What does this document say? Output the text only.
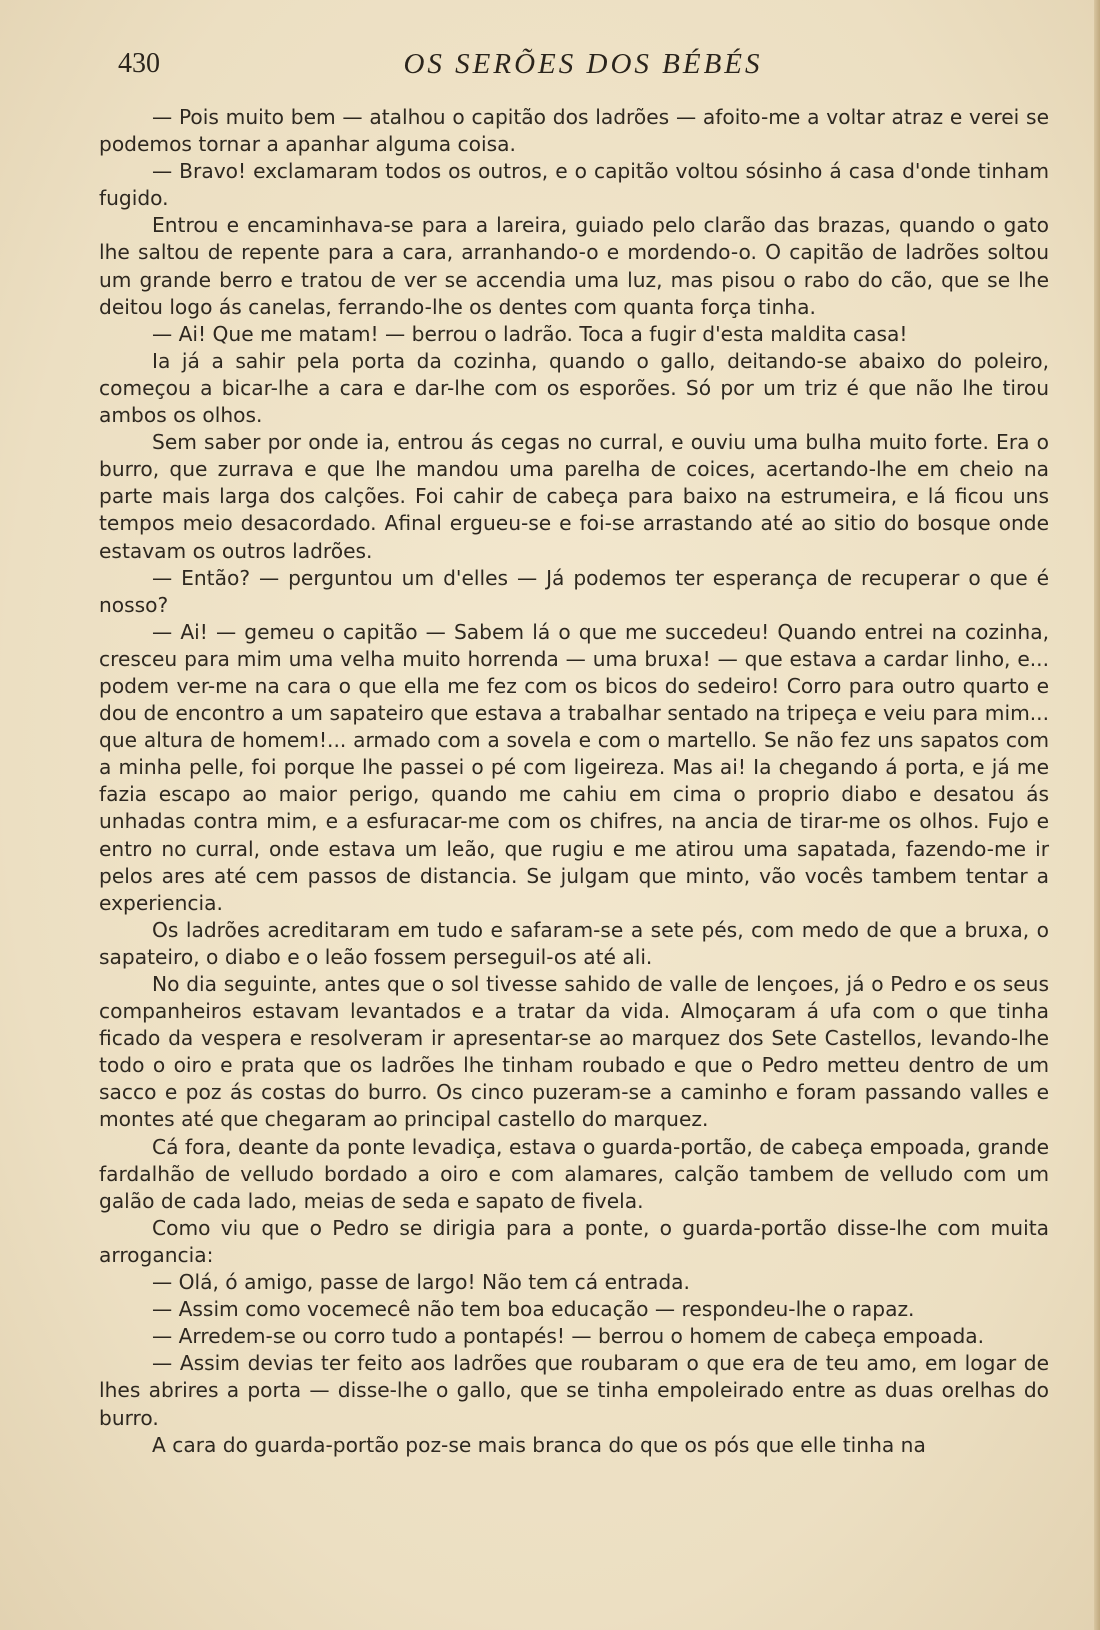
430	OS SERÕES DOS BÉBÉS

— Pois muito bem — atalhou o capitão dos ladrões — afoito-me a voltar atraz e verei se podemos tornar a apanhar alguma coisa.

— Bravo! exclamaram todos os outros, e o capitão voltou sósinho á casa d'onde tinham fugido.

Entrou e encaminhava-se para a lareira, guiado pelo clarão das brazas, quando o gato lhe saltou de repente para a cara, arranhando-o e mordendo-o. O capitão de ladrões soltou um grande berro e tratou de ver se accendia uma luz, mas pisou o rabo do cão, que se lhe deitou logo ás canelas, ferrando-lhe os dentes com quanta força tinha.

— Ai! Que me matam! — berrou o ladrão. Toca a fugir d'esta maldita casa!

Ia já a sahir pela porta da cozinha, quando o gallo, deitando-se abaixo do poleiro, começou a bicar-lhe a cara e dar-lhe com os esporões. Só por um triz é que não lhe tirou ambos os olhos.

Sem saber por onde ia, entrou ás cegas no curral, e ouviu uma bulha muito forte. Era o burro, que zurrava e que lhe mandou uma parelha de coices, acertando-lhe em cheio na parte mais larga dos calções. Foi cahir de cabeça para baixo na estrumeira, e lá ficou uns tempos meio desacordado. Afinal ergueu-se e foi-se arrastando até ao sitio do bosque onde estavam os outros ladrões.

— Então? — perguntou um d'elles — Já podemos ter esperança de recuperar o que é nosso?

— Ai! — gemeu o capitão — Sabem lá o que me succedeu! Quando entrei na cozinha, cresceu para mim uma velha muito horrenda — uma bruxa! — que estava a cardar linho, e... podem ver-me na cara o que ella me fez com os bicos do sedeiro! Corro para outro quarto e dou de encontro a um sapateiro que estava a trabalhar sentado na tripeça e veiu para mim... que altura de homem!... armado com a sovela e com o martello. Se não fez uns sapatos com a minha pelle, foi porque lhe passei o pé com ligeireza. Mas ai! Ia chegando á porta, e já me fazia escapo ao maior perigo, quando me cahiu em cima o proprio diabo e desatou ás unhadas contra mim, e a esfuracar-me com os chifres, na ancia de tirar-me os olhos. Fujo e entro no curral, onde estava um leão, que rugiu e me atirou uma sapatada, fazendo-me ir pelos ares até cem passos de distancia. Se julgam que minto, vão vocês tambem tentar a experiencia.

Os ladrões acreditaram em tudo e safaram-se a sete pés, com medo de que a bruxa, o sapateiro, o diabo e o leão fossem perseguil-os até ali.

No dia seguinte, antes que o sol tivesse sahido de valle de lençoes, já o Pedro e os seus companheiros estavam levantados e a tratar da vida. Almoçaram á ufa com o que tinha ficado da vespera e resolveram ir apresentar-se ao marquez dos Sete Castellos, levando-lhe todo o oiro e prata que os ladrões lhe tinham roubado e que o Pedro metteu dentro de um sacco e poz ás costas do burro. Os cinco puzeram-se a caminho e foram passando valles e montes até que chegaram ao principal castello do marquez.

Cá fora, deante da ponte levadiça, estava o guarda-portão, de cabeça empoada, grande fardalhão de velludo bordado a oiro e com alamares, calção tambem de velludo com um galão de cada lado, meias de seda e sapato de fivela.

Como viu que o Pedro se dirigia para a ponte, o guarda-portão disse-lhe com muita arrogancia:

— Olá, ó amigo, passe de largo! Não tem cá entrada.

— Assim como vocemecê não tem boa educação — respondeu-lhe o rapaz.

— Arredem-se ou corro tudo a pontapés! — berrou o homem de cabeça empoada.

— Assim devias ter feito aos ladrões que roubaram o que era de teu amo, em logar de lhes abrires a porta — disse-lhe o gallo, que se tinha empoleirado entre as duas orelhas do burro.

A cara do guarda-portão poz-se mais branca do que os pós que elle tinha na
